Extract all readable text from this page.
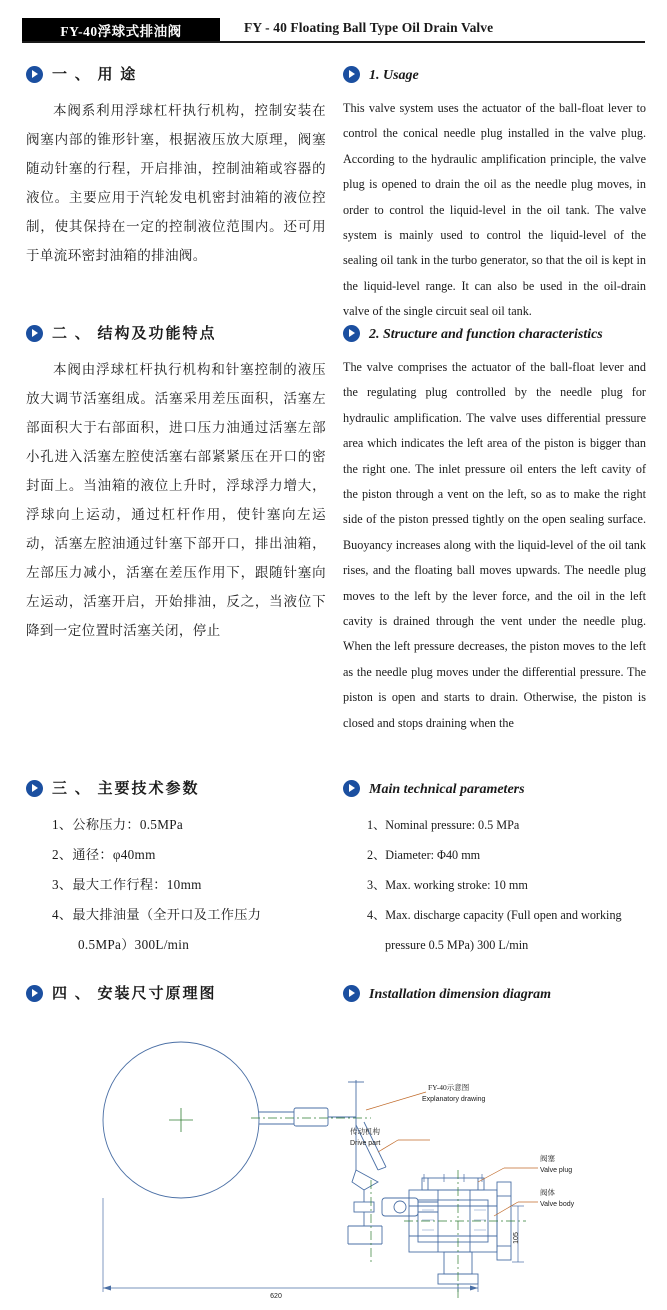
FY-40浮球式排油阀	FY - 40 Floating Ball Type Oil Drain Valve
一 、 用 途
本阀系利用浮球杠杆执行机构，控制安装在阀塞内部的锥形针塞，根据液压放大原理，阀塞随动针塞的行程，开启排油，控制油箱或容器的液位。主要应用于汽轮发电机密封油箱的液位控制，使其保持在一定的控制液位范围内。还可用于单流环密封油箱的排油阀。
二 、 结构及功能特点
本阀由浮球杠杆执行机构和针塞控制的液压放大调节活塞组成。活塞采用差压面积，活塞左部面积大于右部面积，进口压力油通过活塞左部小孔进入活塞左腔使活塞右部紧紧压在开口的密封面上。当油箱的液位上升时，浮球浮力增大，浮球向上运动，通过杠杆作用，使针塞向左运动，活塞左腔油通过针塞下部开口，排出油箱，左部压力减小，活塞在差压作用下，跟随针塞向左运动，活塞开启，开始排油，反之，当液位下降到一定位置时活塞关闭，停止
三 、 主要技术参数
1、公称压力：0.5MPa
2、通径：φ40mm
3、最大工作行程：10mm
4、最大排油量（全开口及工作压力
0.5MPa）300L/min
四 、 安装尺寸原理图
1. Usage
This valve system uses the actuator of the ball-float lever to control the conical needle plug installed in the valve plug. According to the hydraulic amplification principle, the valve plug is opened to drain the oil as the needle plug moves, in order to control the liquid-level in the oil tank. The valve system is mainly used to control the liquid-level of the sealing oil tank in the turbo generator, so that the oil is kept in the liquid-level range. It can also be used in the oil-drain valve of the single circuit seal oil tank.
2. Structure and function characteristics
The valve comprises the actuator of the ball-float lever and the regulating plug controlled by the needle plug for hydraulic amplification. The valve uses differential pressure area which indicates the left area of the piston is bigger than the right one. The inlet pressure oil enters the left cavity of the piston through a vent on the left, so as to make the right side of the piston pressed tightly on the open sealing surface. Buoyancy increases along with the liquid-level of the oil tank rises, and the floating ball moves upwards. The needle plug moves to the left by the lever force, and the oil in the left cavity is drained through the vent under the needle plug. When the left pressure decreases, the piston moves to the left as the needle plug moves under the differential pressure. The piston is open and starts to drain. Otherwise, the piston is closed and stops draining when the
Main technical parameters
1、Nominal pressure: 0.5 MPa
2、Diameter: Φ40 mm
3、Max. working stroke: 10 mm
4、Max. discharge capacity (Full open and working
pressure 0.5 MPa) 300 L/min
Installation dimension diagram
FY-40示意图
Explanatory drawing
传动机构
Drive part
阀塞
Valve plug
阀体
Valve body
620
105
